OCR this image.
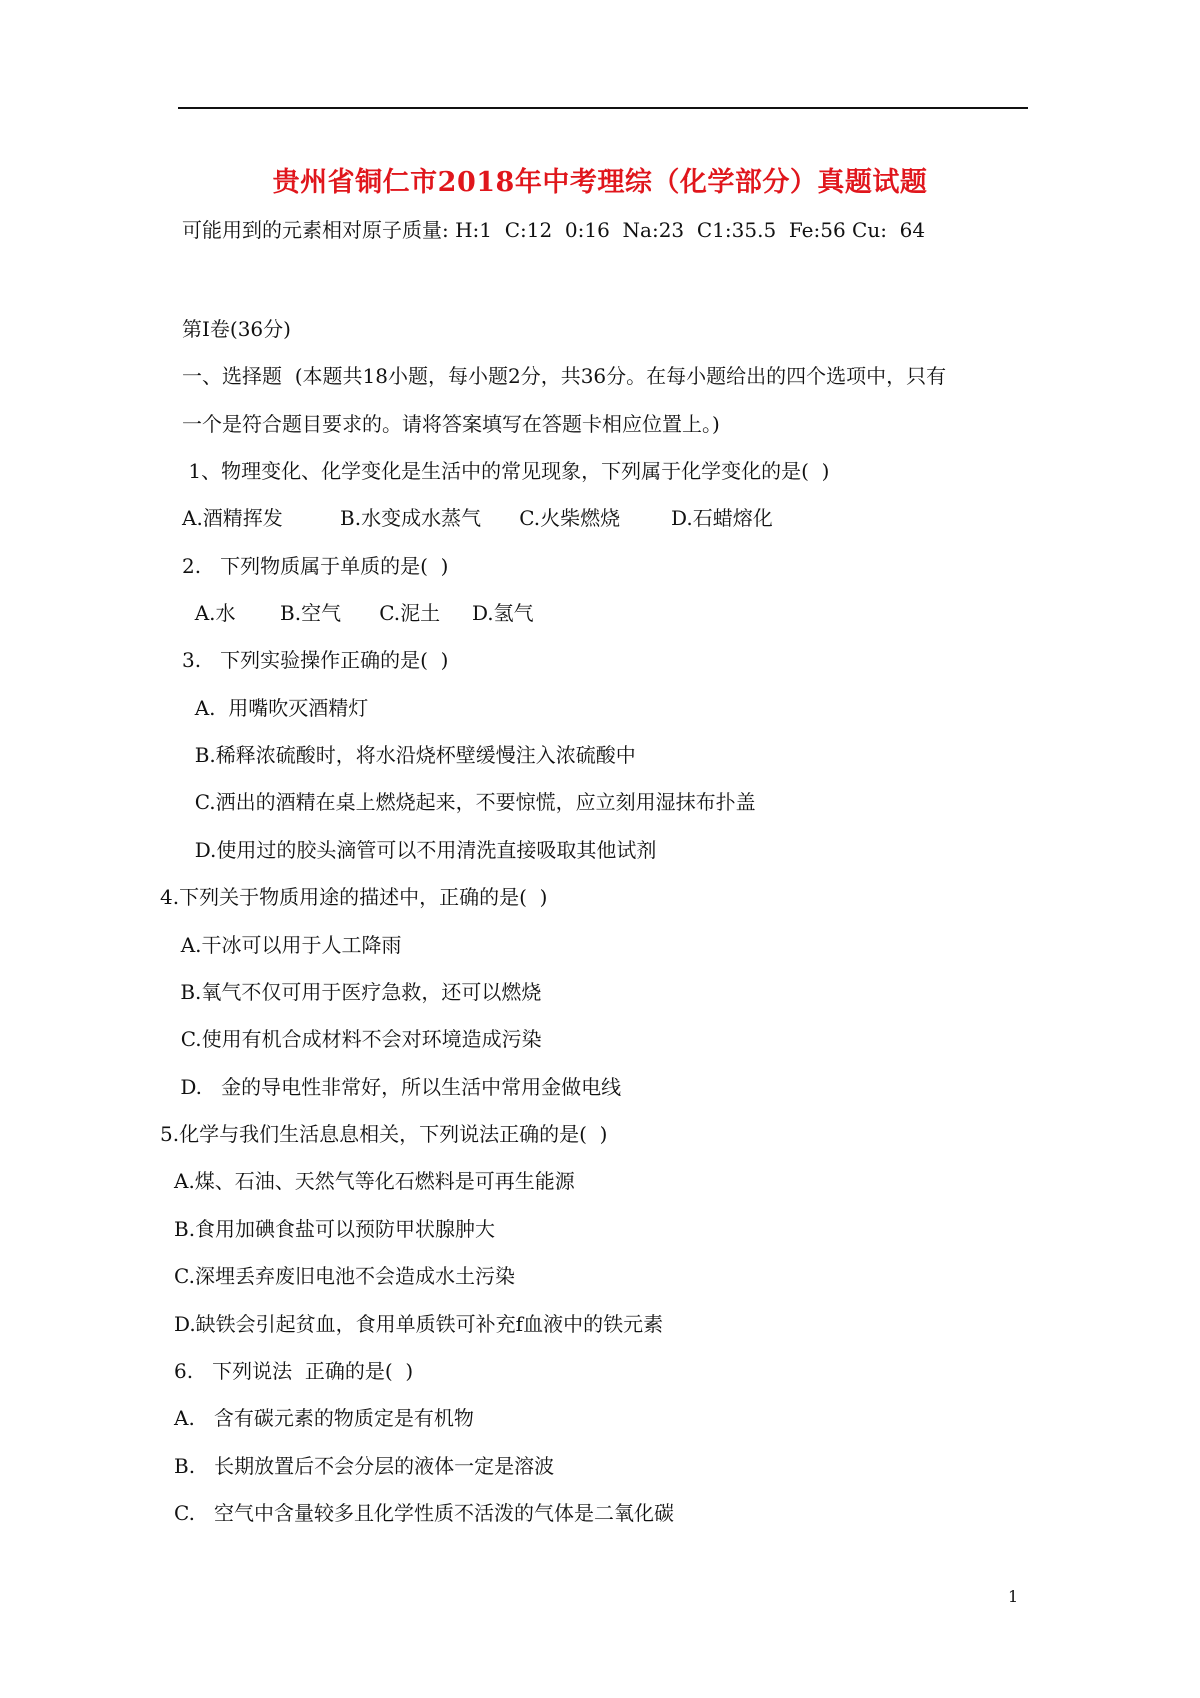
贵州省铜仁市2018年中考理综（化学部分）真题试题
可能用到的元素相对原子质量: H:1  C:12  0:16  Na:23  C1:35.5  Fe:56 Cu:  64
第Ⅰ卷(36分)
一、选择题  (本题共18小题，每小题2分，共36分。在每小题给出的四个选项中，只有
一个是符合题目要求的。请将答案填写在答题卡相应位置上。)
1、物理变化、化学变化是生活中的常见现象，下列属于化学变化的是(  )
A.酒精挥发         B.水变成水蒸气      C.火柴燃烧        D.石蜡熔化
2.   下列物质属于单质的是(  )
A.水       B.空气      C.泥土     D.氢气
3.   下列实验操作正确的是(  )
A.  用嘴吹灭酒精灯
B.稀释浓硫酸时，将水沿烧杯壁缓慢注入浓硫酸中
C.洒出的酒精在桌上燃烧起来，不要惊慌，应立刻用湿抹布扑盖
D.使用过的胶头滴管可以不用清洗直接吸取其他试剂
4.下列关于物质用途的描述中，正确的是(  )
A.干冰可以用于人工降雨
B.氧气不仅可用于医疗急救，还可以燃烧
C.使用有机合成材料不会对环境造成污染
D.   金的导电性非常好，所以生活中常用金做电线
5.化学与我们生活息息相关，下列说法正确的是(  )
A.煤、石油、天然气等化石燃料是可再生能源
B.食用加碘食盐可以预防甲状腺肿大
C.深埋丢弃废旧电池不会造成水土污染
D.缺铁会引起贫血，食用单质铁可补充f血液中的铁元素
6.   下列说法  正确的是(  )
A.   含有碳元素的物质定是有机物
B.   长期放置后不会分层的液体一定是溶波
C.   空气中含量较多且化学性质不活泼的气体是二氧化碳
1
